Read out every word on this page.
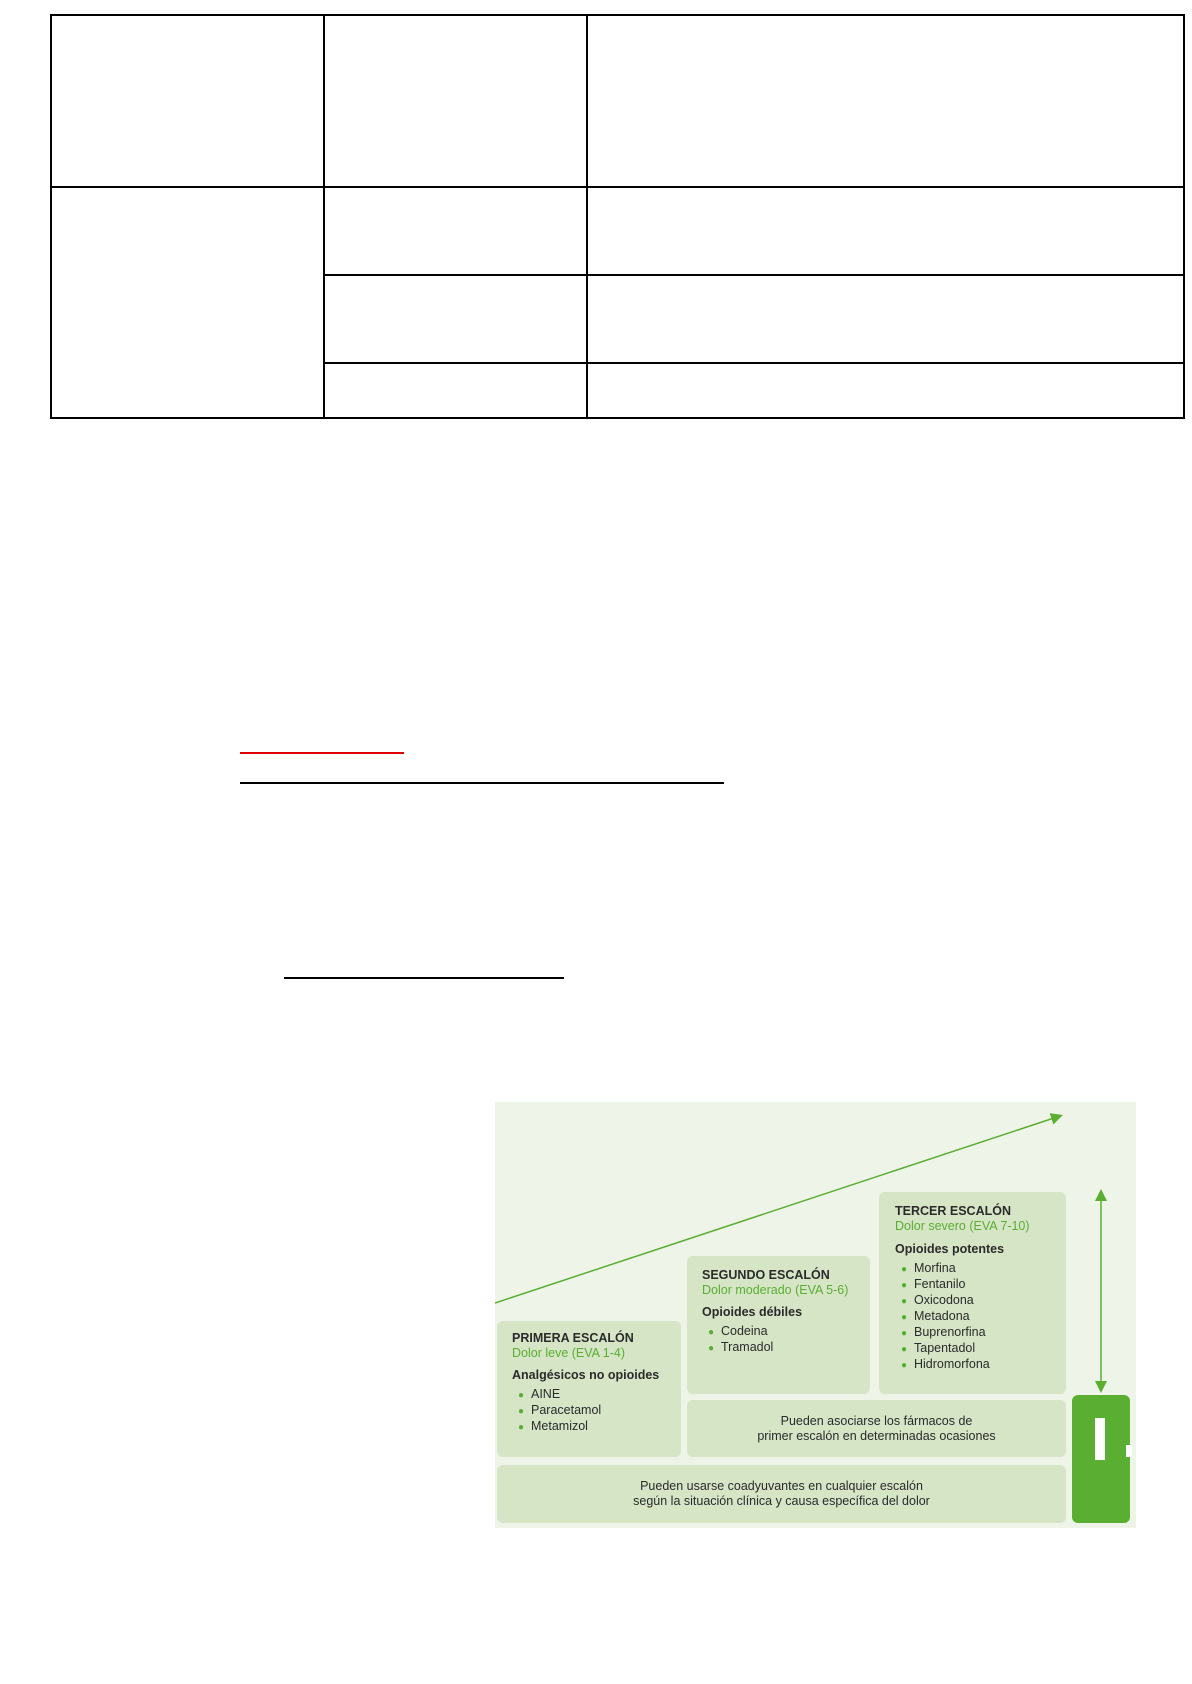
PRIMERA ESCALÓN
Dolor leve (EVA 1-4)
Analgésicos no opioides
● AINE
● Paracetamol
● Metamizol
SEGUNDO ESCALÓN
Dolor moderado (EVA 5-6)
Opioides débiles
● Codeina
● Tramadol
TERCER ESCALÓN
Dolor severo (EVA 7-10)
Opioides potentes
● Morfina
● Fentanilo
● Oxicodona
● Metadona
● Buprenorfina
● Tapentadol
● Hidromorfona
Pueden asociarse los fármacos de
primer escalón en determinadas ocasiones
Pueden usarse coadyuvantes en cualquier escalón
según la situación clínica y causa específica del dolor
